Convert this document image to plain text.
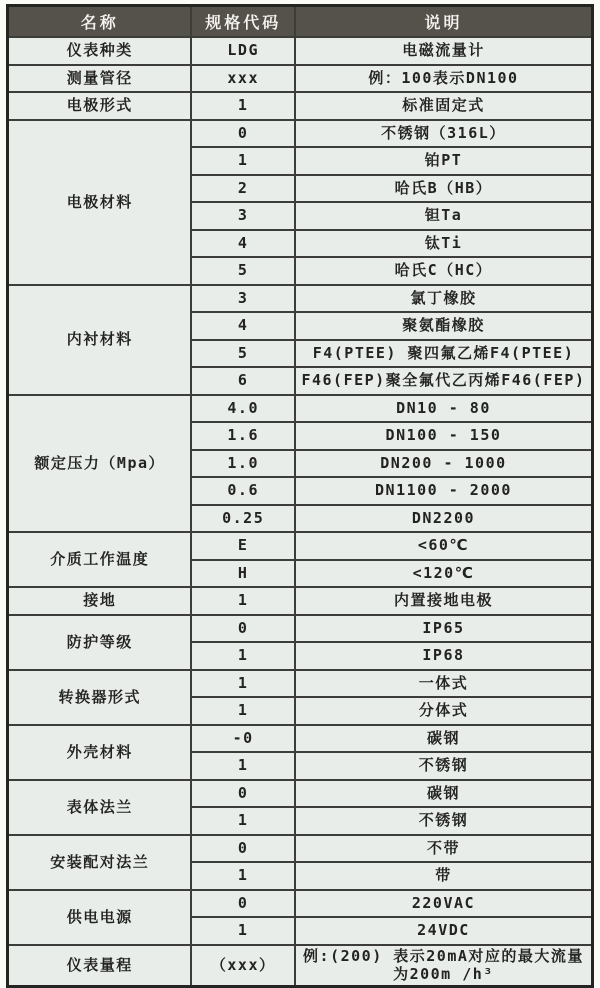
名称	规格代码	说明
仪表种类	LDG	电磁流量计
测量管径	xxx	例：100表示DN100
电极形式	1	标准固定式
电极材料	0	不锈钢（316L）
	1	铂PT
	2	哈氏B（HB）
	3	钽Ta
	4	钛Ti
	5	哈氏C（HC）
内衬材料	3	氯丁橡胶
	4	聚氨酯橡胶
	5	F4(PTEE) 聚四氟乙烯F4(PTEE)
	6	F46(FEP)聚全氟代乙丙烯F46(FEP)
额定压力（Mpa）	4.0	DN10 - 80
	1.6	DN100 - 150
	1.0	DN200 - 1000
	0.6	DN1100 - 2000
	0.25	DN2200
介质工作温度	E	<60℃
	H	<120℃
接地	1	内置接地电极
防护等级	0	IP65
	1	IP68
转换器形式	1	一体式
	1	分体式
外壳材料	-0	碳钢
	1	不锈钢
表体法兰	0	碳钢
	1	不锈钢
安装配对法兰	0	不带
	1	带
供电电源	0	220VAC
	1	24VDC
仪表量程	（xxx）	例:(200) 表示20mA对应的最大流量为200m /h³
